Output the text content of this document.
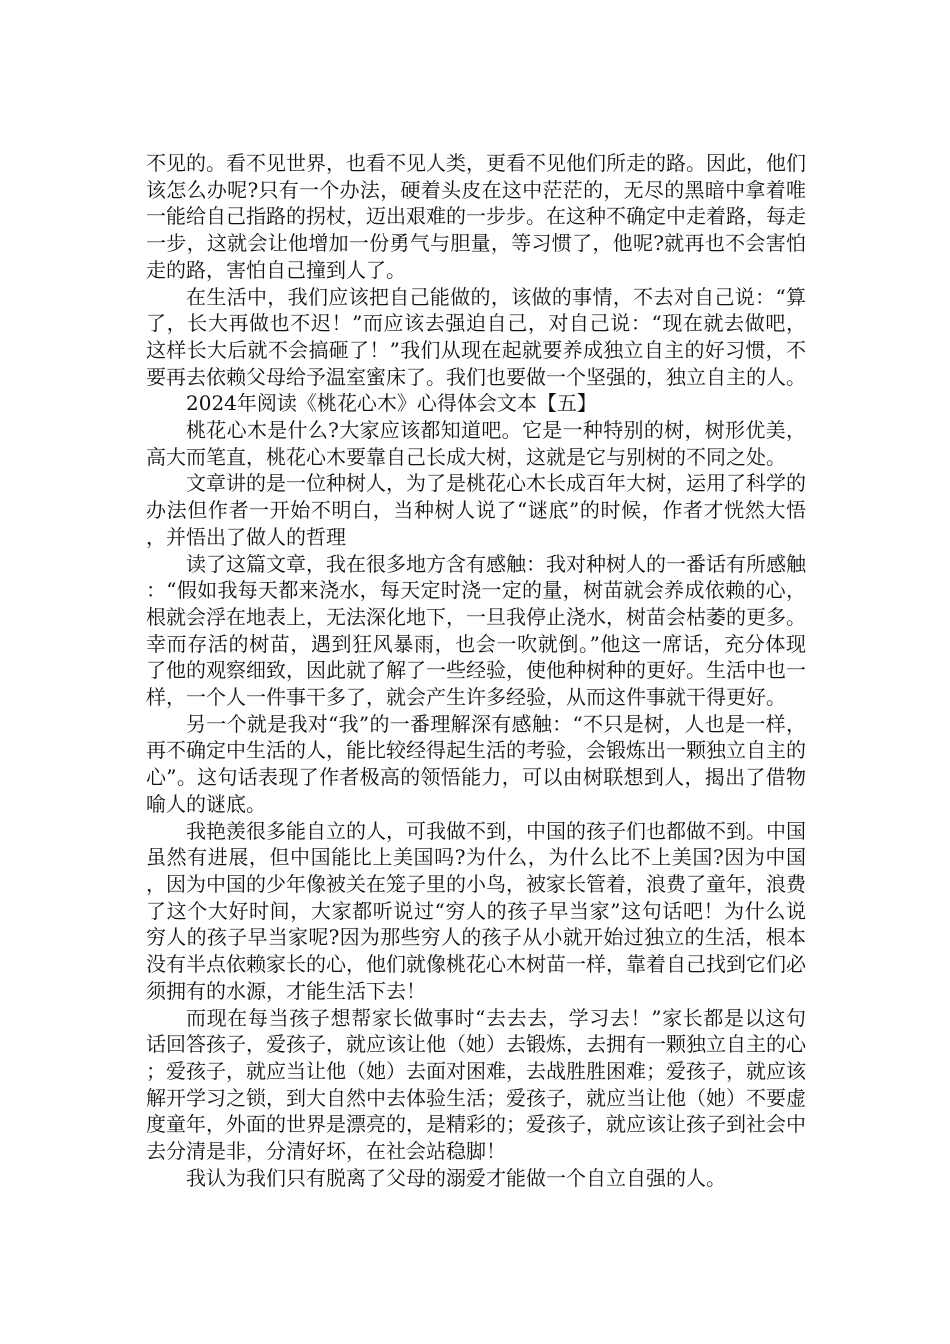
不见的。看不见世界，也看不见人类，更看不见他们所走的路。因此，他们该怎么办呢?只有一个办法，硬着头皮在这中茫茫的，无尽的黑暗中拿着唯一能给自己指路的拐杖，迈出艰难的一步步。在这种不确定中走着路，每走一步，这就会让他增加一份勇气与胆量，等习惯了，他呢?就再也不会害怕走的路，害怕自己撞到人了。

在生活中，我们应该把自己能做的，该做的事情，不去对自己说：“算了，长大再做也不迟！”而应该去强迫自己，对自己说：“现在就去做吧，这样长大后就不会搞砸了！”我们从现在起就要养成独立自主的好习惯，不要再去依赖父母给予温室蜜床了。我们也要做一个坚强的，独立自主的人。

2024年阅读《桃花心木》心得体会文本【五】

桃花心木是什么?大家应该都知道吧。它是一种特别的树，树形优美，高大而笔直，桃花心木要靠自己长成大树，这就是它与别树的不同之处。

文章讲的是一位种树人，为了是桃花心木长成百年大树，运用了科学的办法但作者一开始不明白，当种树人说了“谜底”的时候，作者才恍然大悟，并悟出了做人的哲理

读了这篇文章，我在很多地方含有感触：我对种树人的一番话有所感触：“假如我每天都来浇水，每天定时浇一定的量，树苗就会养成依赖的心，根就会浮在地表上，无法深化地下，一旦我停止浇水，树苗会枯萎的更多。幸而存活的树苗，遇到狂风暴雨，也会一吹就倒。”他这一席话，充分体现了他的观察细致，因此就了解了一些经验，使他种树种的更好。生活中也一样，一个人一件事干多了，就会产生许多经验，从而这件事就干得更好。

另一个就是我对“我”的一番理解深有感触：“不只是树，人也是一样，再不确定中生活的人，能比较经得起生活的考验，会锻炼出一颗独立自主的心”。这句话表现了作者极高的领悟能力，可以由树联想到人，揭出了借物喻人的谜底。

我艳羡很多能自立的人，可我做不到，中国的孩子们也都做不到。中国虽然有进展，但中国能比上美国吗?为什么，为什么比不上美国?因为中国，因为中国的少年像被关在笼子里的小鸟，被家长管着，浪费了童年，浪费了这个大好时间，大家都听说过“穷人的孩子早当家”这句话吧！为什么说穷人的孩子早当家呢?因为那些穷人的孩子从小就开始过独立的生活，根本没有半点依赖家长的心，他们就像桃花心木树苗一样，靠着自己找到它们必须拥有的水源，才能生活下去！

而现在每当孩子想帮家长做事时“去去去，学习去！”家长都是以这句话回答孩子，爱孩子，就应该让他（她）去锻炼，去拥有一颗独立自主的心；爱孩子，就应当让他（她）去面对困难，去战胜胜困难；爱孩子，就应该解开学习之锁，到大自然中去体验生活；爱孩子，就应当让他（她）不要虚度童年，外面的世界是漂亮的，是精彩的；爱孩子，就应该让孩子到社会中去分清是非，分清好坏，在社会站稳脚！

我认为我们只有脱离了父母的溺爱才能做一个自立自强的人。
